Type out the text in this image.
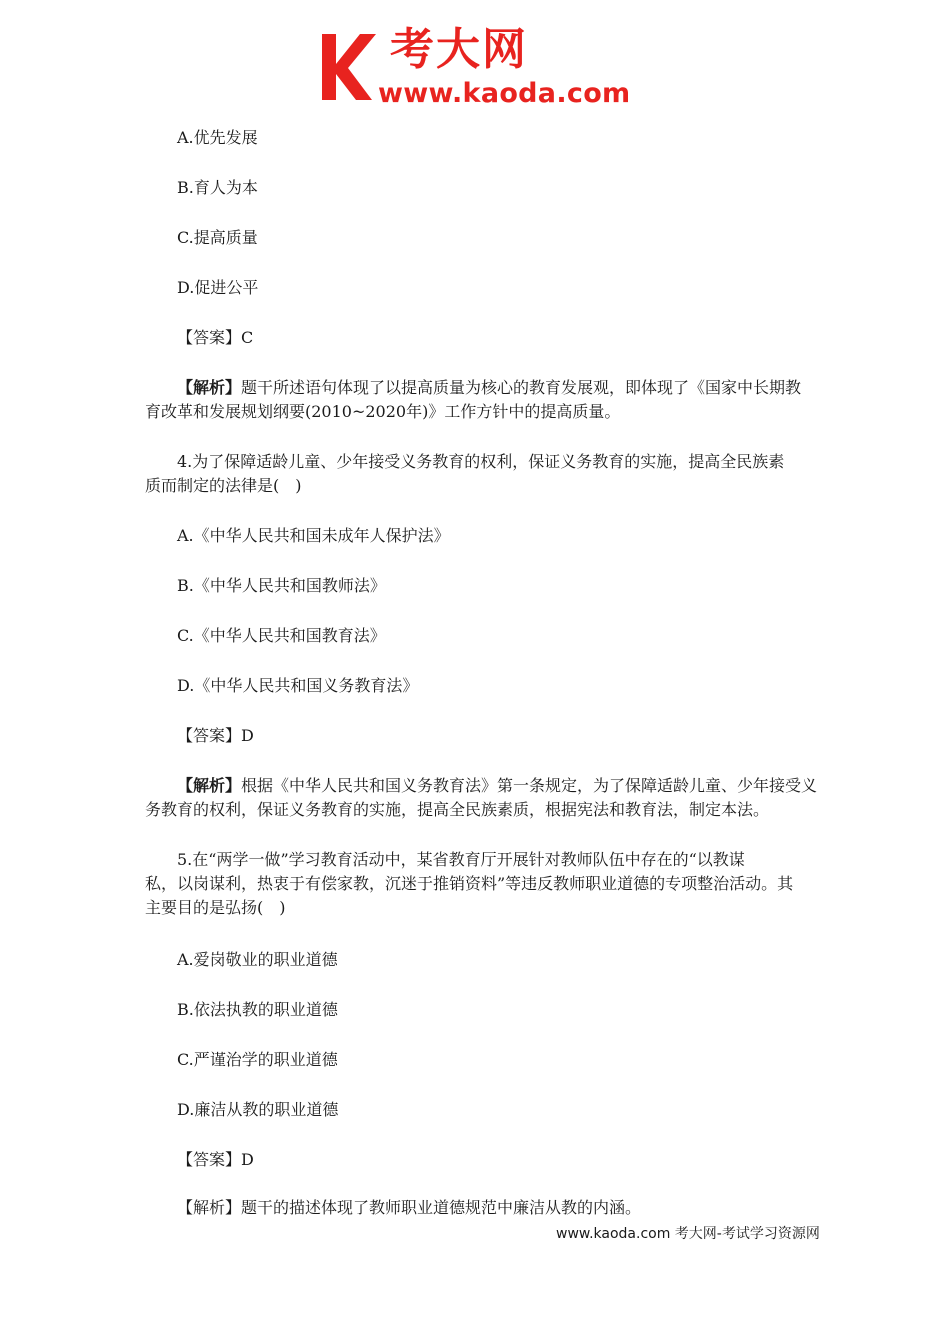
考大网
www.kaoda.com
A.优先发展
B.育人为本
C.提高质量
D.促进公平
【答案】C
【解析】题干所述语句体现了以提高质量为核心的教育发展观，即体现了《国家中长期教
育改革和发展规划纲要(2010~2020年)》工作方针中的提高质量。
4.为了保障适龄儿童、少年接受义务教育的权利，保证义务教育的实施，提高全民族素
质而制定的法律是(　)
A.《中华人民共和国未成年人保护法》
B.《中华人民共和国教师法》
C.《中华人民共和国教育法》
D.《中华人民共和国义务教育法》
【答案】D
【解析】根据《中华人民共和国义务教育法》第一条规定，为了保障适龄儿童、少年接受义
务教育的权利，保证义务教育的实施，提高全民族素质，根据宪法和教育法，制定本法。
5.在“两学一做”学习教育活动中，某省教育厅开展针对教师队伍中存在的“以教谋
私，以岗谋利，热衷于有偿家教，沉迷于推销资料”等违反教师职业道德的专项整治活动。其
主要目的是弘扬(　)
A.爱岗敬业的职业道德
B.依法执教的职业道德
C.严谨治学的职业道德
D.廉洁从教的职业道德
【答案】D
【解析】题干的描述体现了教师职业道德规范中廉洁从教的内涵。
www.kaoda.com 考大网-考试学习资源网
